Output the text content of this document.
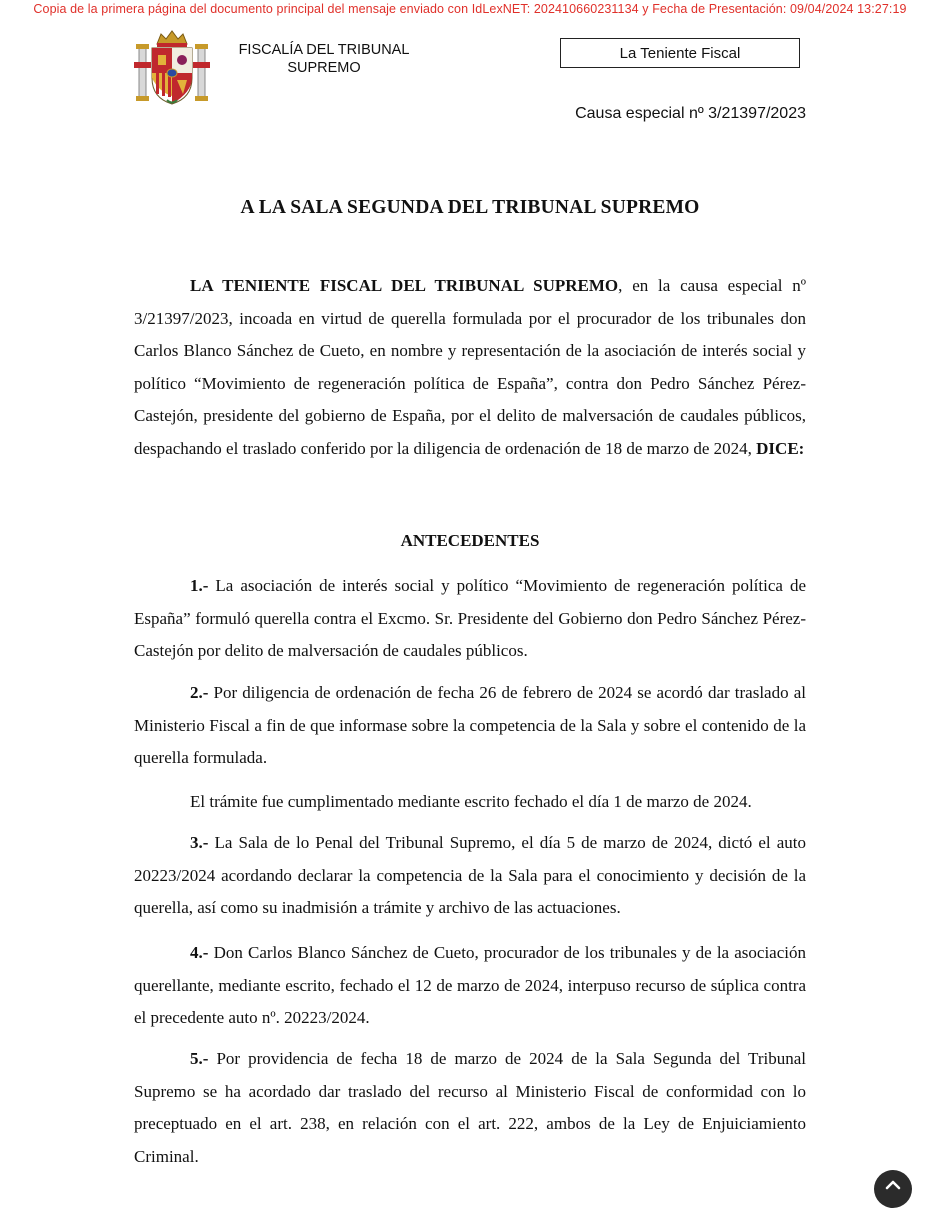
Copia de la primera página del documento principal del mensaje enviado con IdLexNET: 202410660231134 y Fecha de Presentación: 09/04/2024 13:27:19
FISCALÍA DEL TRIBUNAL
SUPREMO
La Teniente Fiscal
Causa especial nº 3/21397/2023
A LA SALA SEGUNDA DEL TRIBUNAL SUPREMO

LA TENIENTE FISCAL DEL TRIBUNAL SUPREMO, en la causa especial nº 3/21397/2023, incoada en virtud de querella formulada por el procurador de los tribunales don Carlos Blanco Sánchez de Cueto, en nombre y representación de la asociación de interés social y político “Movimiento de regeneración política de España”, contra don Pedro Sánchez Pérez-Castejón, presidente del gobierno de España, por el delito de malversación de caudales públicos, despachando el traslado conferido por la diligencia de ordenación de 18 de marzo de 2024, DICE:

ANTECEDENTES

1.- La asociación de interés social y político “Movimiento de regeneración política de España” formuló querella contra el Excmo. Sr. Presidente del Gobierno don Pedro Sánchez Pérez-Castejón por delito de malversación de caudales públicos.

2.- Por diligencia de ordenación de fecha 26 de febrero de 2024 se acordó dar traslado al Ministerio Fiscal a fin de que informase sobre la competencia de la Sala y sobre el contenido de la querella formulada.

El trámite fue cumplimentado mediante escrito fechado el día 1 de marzo de 2024.

3.- La Sala de lo Penal del Tribunal Supremo, el día 5 de marzo de 2024, dictó el auto 20223/2024 acordando declarar la competencia de la Sala para el conocimiento y decisión de la querella, así como su inadmisión a trámite y archivo de las actuaciones.

4.- Don Carlos Blanco Sánchez de Cueto, procurador de los tribunales y de la asociación querellante, mediante escrito, fechado el 12 de marzo de 2024, interpuso recurso de súplica contra el precedente auto nº. 20223/2024.

5.- Por providencia de fecha 18 de marzo de 2024 de la Sala Segunda del Tribunal Supremo se ha acordado dar traslado del recurso al Ministerio Fiscal de conformidad con lo preceptuado en el art. 238, en relación con el art. 222, ambos de la Ley de Enjuiciamiento Criminal.
